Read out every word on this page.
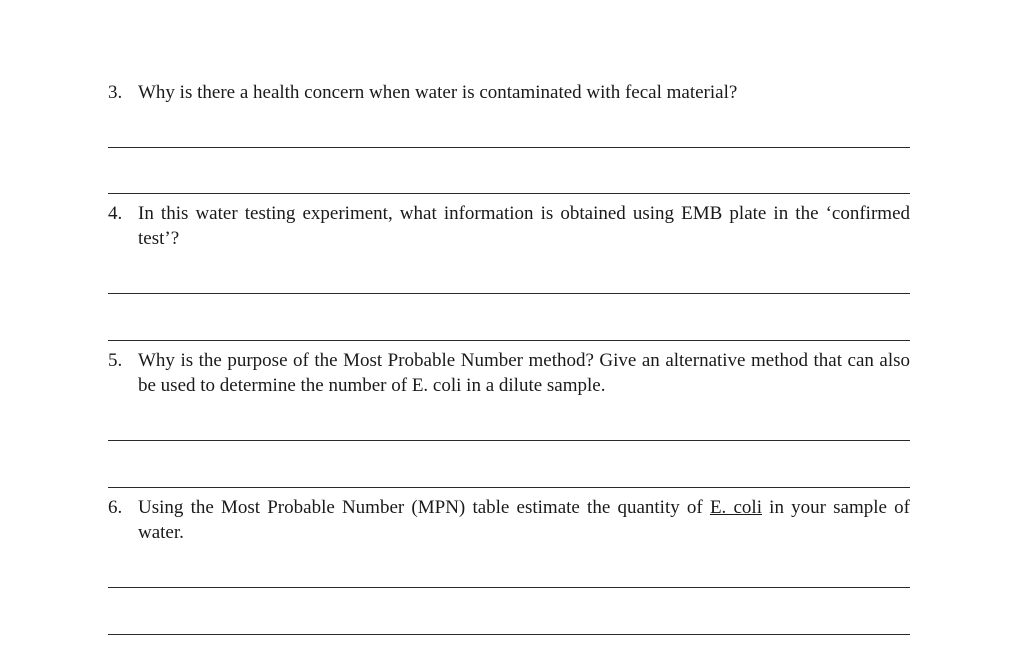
3. Why is there a health concern when water is contaminated with fecal material?
4. In this water testing experiment, what information is obtained using EMB plate in the ‘confirmed test’?
5. Why is the purpose of the Most Probable Number method? Give an alternative method that can also be used to determine the number of E. coli in a dilute sample.
6. Using the Most Probable Number (MPN) table estimate the quantity of E. coli in your sample of water.
